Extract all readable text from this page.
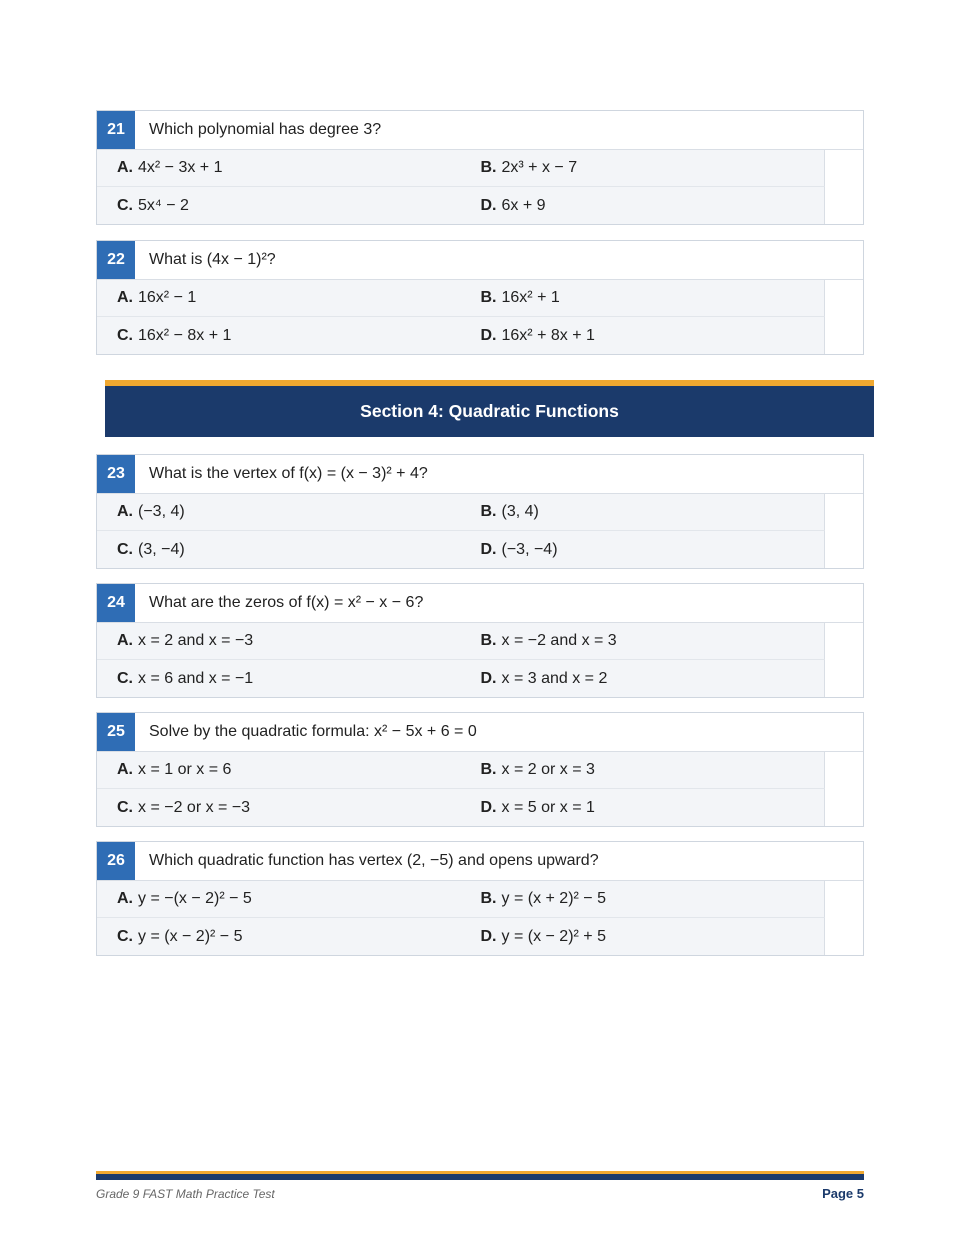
21	Which polynomial has degree 3?
A. 4x² − 3x + 1	B. 2x³ + x − 7
C. 5x⁴ − 2	D. 6x + 9
22	What is (4x − 1)²?
A. 16x² − 1	B. 16x² + 1
C. 16x² − 8x + 1	D. 16x² + 8x + 1
Section 4: Quadratic Functions
23	What is the vertex of f(x) = (x − 3)² + 4?
A. (−3, 4)	B. (3, 4)
C. (3, −4)	D. (−3, −4)
24	What are the zeros of f(x) = x² − x − 6?
A. x = 2 and x = −3	B. x = −2 and x = 3
C. x = 6 and x = −1	D. x = 3 and x = 2
25	Solve by the quadratic formula: x² − 5x + 6 = 0
A. x = 1 or x = 6	B. x = 2 or x = 3
C. x = −2 or x = −3	D. x = 5 or x = 1
26	Which quadratic function has vertex (2, −5) and opens upward?
A. y = −(x − 2)² − 5	B. y = (x + 2)² − 5
C. y = (x − 2)² − 5	D. y = (x − 2)² + 5
Grade 9 FAST Math Practice Test	Page 5
